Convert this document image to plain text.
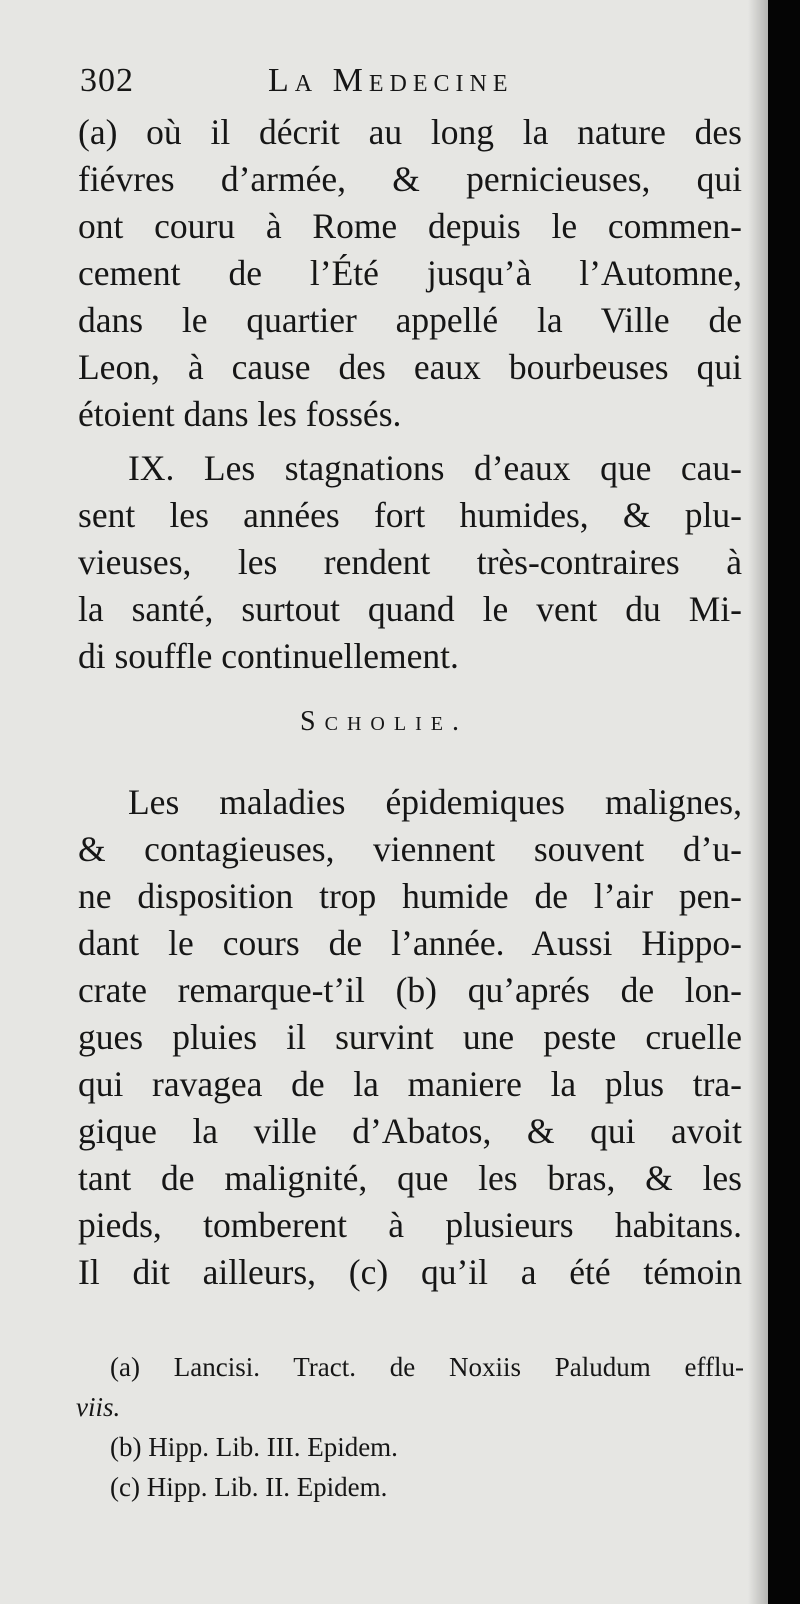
302	La Medecine
(a) où il décrit au long la nature des
fiévres d’armée, & pernicieuses, qui
ont couru à Rome depuis le commen-
cement de l’Été jusqu’à l’Automne,
dans le quartier appellé la Ville de
Leon, à cause des eaux bourbeuses qui
étoient dans les fossés.
IX. Les stagnations d’eaux que cau-
sent les années fort humides, & plu-
vieuses, les rendent très-contraires à
la santé, surtout quand le vent du Mi-
di souffle continuellement.
Scholie.
Les maladies épidemiques malignes,
& contagieuses, viennent souvent d’u-
ne disposition trop humide de l’air pen-
dant le cours de l’année. Aussi Hippo-
crate remarque-t’il (b) qu’aprés de lon-
gues pluies il survint une peste cruelle
qui ravagea de la maniere la plus tra-
gique la ville d’Abatos, & qui avoit
tant de malignité, que les bras, & les
pieds, tomberent à plusieurs habitans.
Il dit ailleurs, (c) qu’il a été témoin
(a) Lancisi. Tract. de Noxiis Paludum efflu-
viis.
(b) Hipp. Lib. III. Epidem.
(c) Hipp. Lib. II. Epidem.
